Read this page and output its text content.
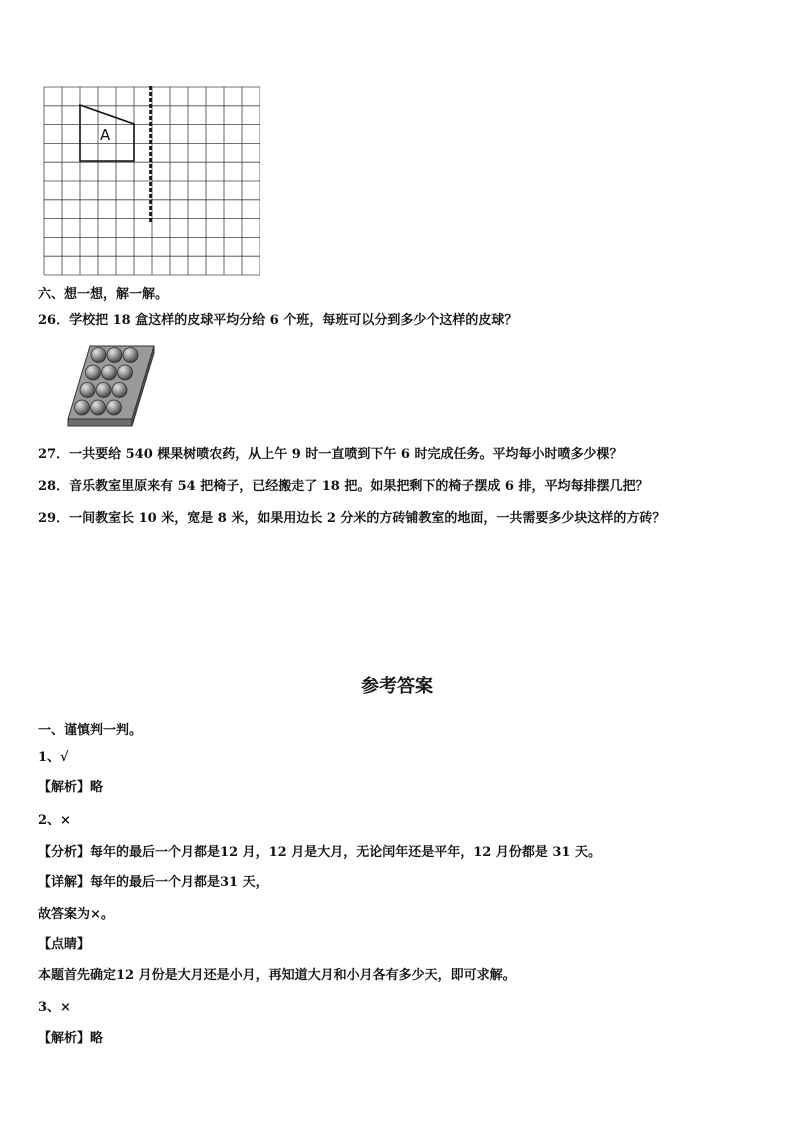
A
六、想一想，解一解。
26．学校把 18 盒这样的皮球平均分给 6 个班，每班可以分到多少个这样的皮球？
27．一共要给 540 棵果树喷农药，从上午 9 时一直喷到下午 6 时完成任务。平均每小时喷多少棵？
28．音乐教室里原来有 54 把椅子，已经搬走了 18 把。如果把剩下的椅子摆成 6 排，平均每排摆几把？
29．一间教室长 10 米，宽是 8 米，如果用边长 2 分米的方砖铺教室的地面，一共需要多少块这样的方砖？
参考答案
一、谨慎判一判。
1、√
【解析】略
2、×
【分析】每年的最后一个月都是12 月，12 月是大月，无论闰年还是平年，12 月份都是 31 天。
【详解】每年的最后一个月都是31 天，
故答案为×。
【点睛】
本题首先确定12 月份是大月还是小月，再知道大月和小月各有多少天，即可求解。
3、×
【解析】略
